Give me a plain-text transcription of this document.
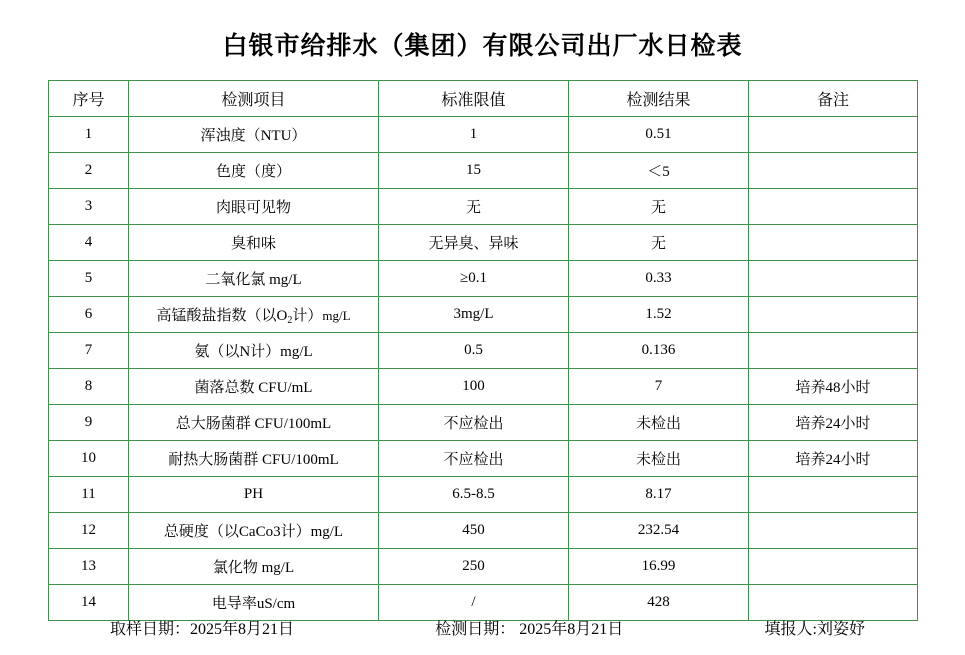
白银市给排水（集团）有限公司出厂水日检表
序号	检测项目	标准限值	检测结果	备注
1	浑浊度（NTU）	1	0.51	
2	色度（度）	15	＜5	
3	肉眼可见物	无	无	
4	臭和味	无异臭、异味	无	
5	二氧化氯 mg/L	≥0.1	0.33	
6	高锰酸盐指数（以$O_2$计）mg/L	3mg/L	1.52	
7	氨（以N计）mg/L	0.5	0.136	
8	菌落总数 CFU/mL	100	7	培养48小时
9	总大肠菌群 CFU/100mL	不应检出	未检出	培养24小时
10	耐热大肠菌群 CFU/100mL	不应检出	未检出	培养24小时
11	PH	6.5-8.5	8.17	
12	总硬度（以CaCo3计）mg/L	450	232.54	
13	氯化物 mg/L	250	16.99	
14	电导率uS/cm	/	428	
取样日期：2025年8月21日	检测日期： 2025年8月21日	填报人:刘姿妤
